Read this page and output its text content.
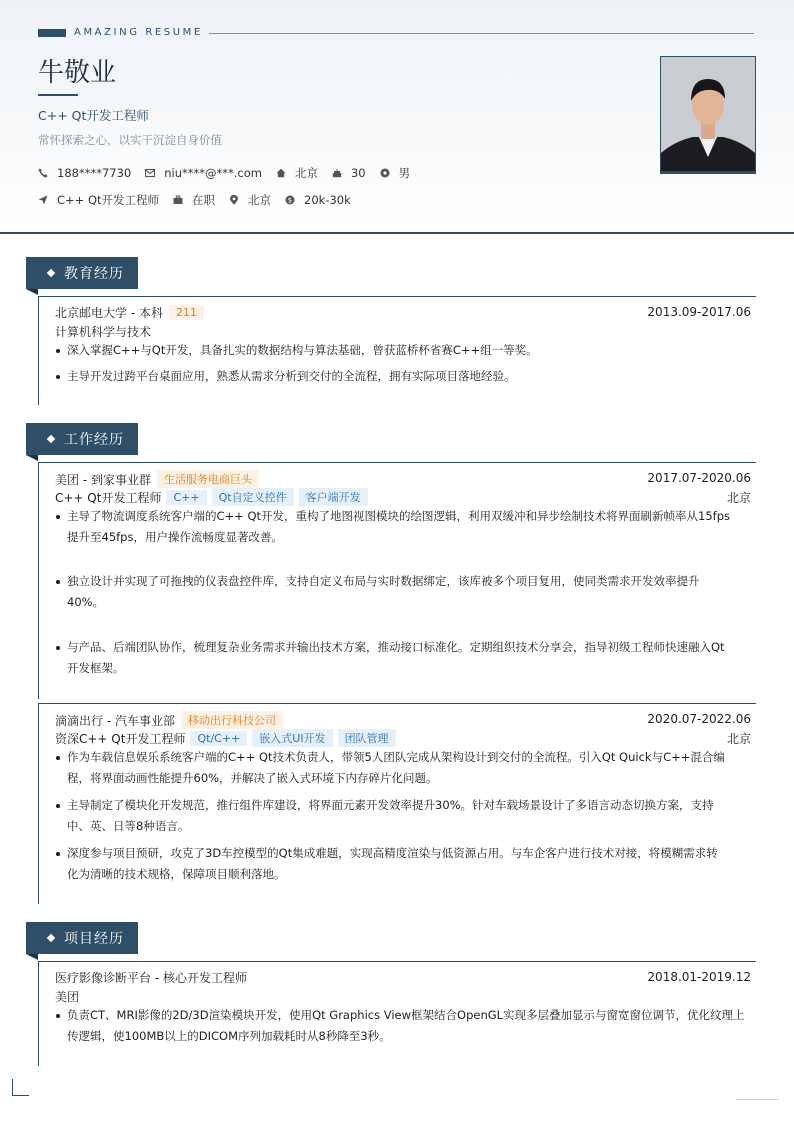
AMAZING RESUME
牛敬业
C++ Qt开发工程师
常怀探索之心，以实干沉淀自身价值
188****7730	niu****@***.com	北京	30	男
C++ Qt开发工程师	在职	北京 $ 20k-30k
教育经历
北京邮电大学 - 本科	211	2013.09-2017.06
计算机科学与技术
深入掌握C++与Qt开发，具备扎实的数据结构与算法基础，曾获蓝桥杯省赛C++组一等奖。
主导开发过跨平台桌面应用，熟悉从需求分析到交付的全流程，拥有实际项目落地经验。
工作经历
美团 - 到家事业群	生活服务电商巨头	2017.07-2020.06
C++ Qt开发工程师	C++	Qt自定义控件	客户端开发	北京
主导了物流调度系统客户端的C++ Qt开发，重构了地图视图模块的绘图逻辑，利用双缓冲和异步绘制技术将界面刷新帧率从15fps
提升至45fps，用户操作流畅度显著改善。
独立设计并实现了可拖拽的仪表盘控件库，支持自定义布局与实时数据绑定，该库被多个项目复用，使同类需求开发效率提升
40%。
与产品、后端团队协作，梳理复杂业务需求并输出技术方案，推动接口标准化。定期组织技术分享会，指导初级工程师快速融入Qt
开发框架。
滴滴出行 - 汽车事业部	移动出行科技公司	2020.07-2022.06
资深C++ Qt开发工程师	Qt/C++	嵌入式UI开发	团队管理	北京
作为车载信息娱乐系统客户端的C++ Qt技术负责人，带领5人团队完成从架构设计到交付的全流程。引入Qt Quick与C++混合编
程，将界面动画性能提升60%，并解决了嵌入式环境下内存碎片化问题。
主导制定了模块化开发规范，推行组件库建设，将界面元素开发效率提升30%。针对车载场景设计了多语言动态切换方案，支持
中、英、日等8种语言。
深度参与项目预研，攻克了3D车控模型的Qt集成难题，实现高精度渲染与低资源占用。与车企客户进行技术对接，将模糊需求转
化为清晰的技术规格，保障项目顺利落地。
项目经历
医疗影像诊断平台 - 核心开发工程师	2018.01-2019.12
美团
负责CT、MRI影像的2D/3D渲染模块开发，使用Qt Graphics View框架结合OpenGL实现多层叠加显示与窗宽窗位调节，优化纹理上
传逻辑，使100MB以上的DICOM序列加载耗时从8秒降至3秒。
